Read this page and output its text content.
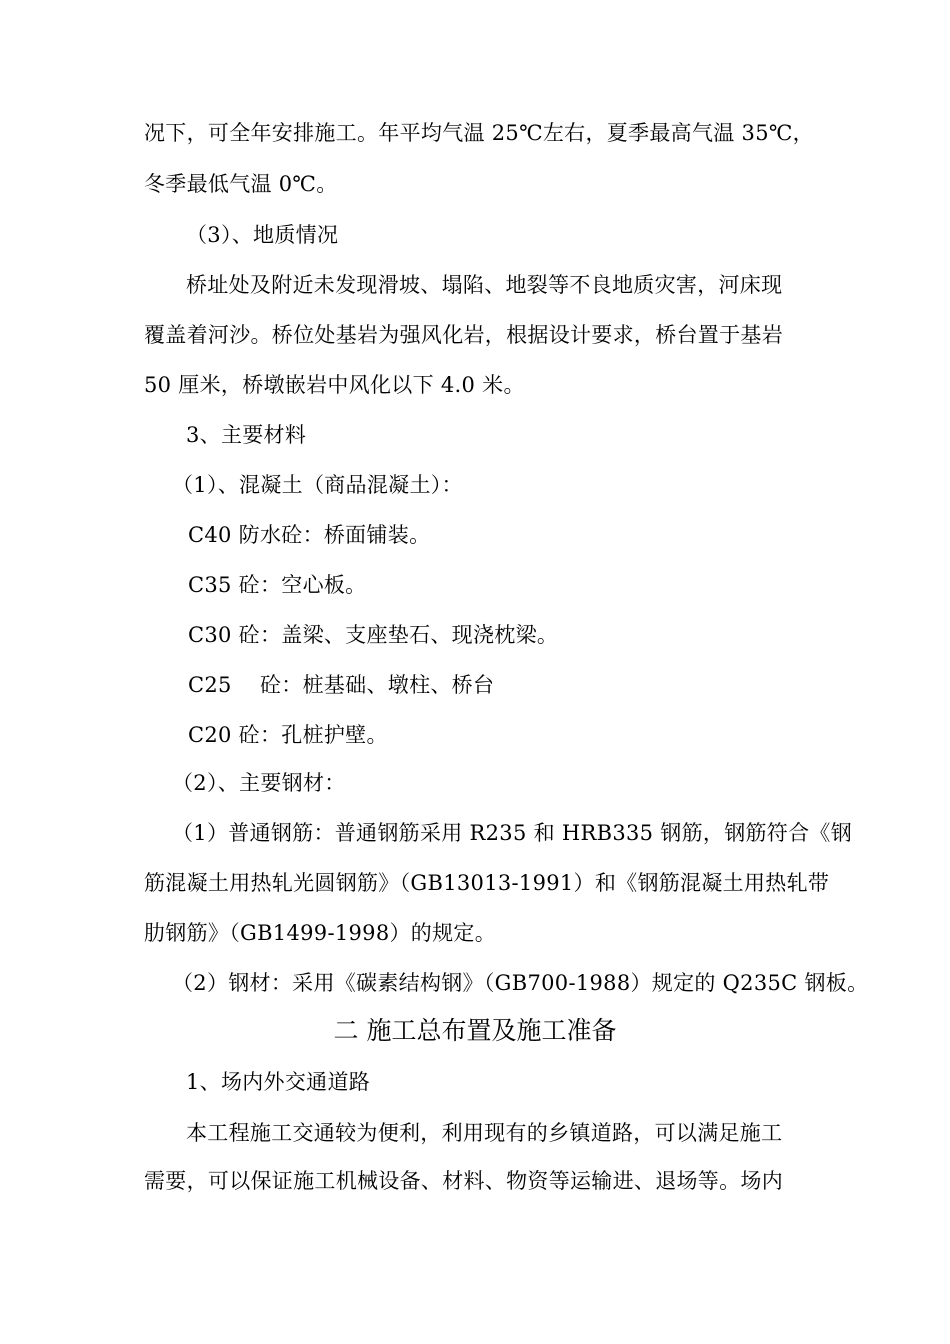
况下，可全年安排施工。年平均气温 25℃左右，夏季最高气温 35℃，
冬季最低气温 0℃。
（3）、地质情况
桥址处及附近未发现滑坡、塌陷、地裂等不良地质灾害，河床现
覆盖着河沙。桥位处基岩为强风化岩，根据设计要求，桥台置于基岩
50 厘米，桥墩嵌岩中风化以下 4.0 米。
3、主要材料
（1）、混凝土（商品混凝土）：
C40 防水砼：桥面铺装。
C35 砼：空心板。
C30 砼：盖梁、支座垫石、现浇枕梁。
C25　 砼：桩基础、墩柱、桥台
C20 砼：孔桩护壁。
（2）、主要钢材：
（1）普通钢筋：普通钢筋采用 R235 和 HRB335 钢筋，钢筋符合《钢
筋混凝土用热轧光圆钢筋》（GB13013-1991）和《钢筋混凝土用热轧带
肋钢筋》（GB1499-1998）的规定。
（2）钢材：采用《碳素结构钢》（GB700-1988）规定的 Q235C 钢板。
二 施工总布置及施工准备
1、场内外交通道路
本工程施工交通较为便利，利用现有的乡镇道路，可以满足施工
需要，可以保证施工机械设备、材料、物资等运输进、退场等。场内
